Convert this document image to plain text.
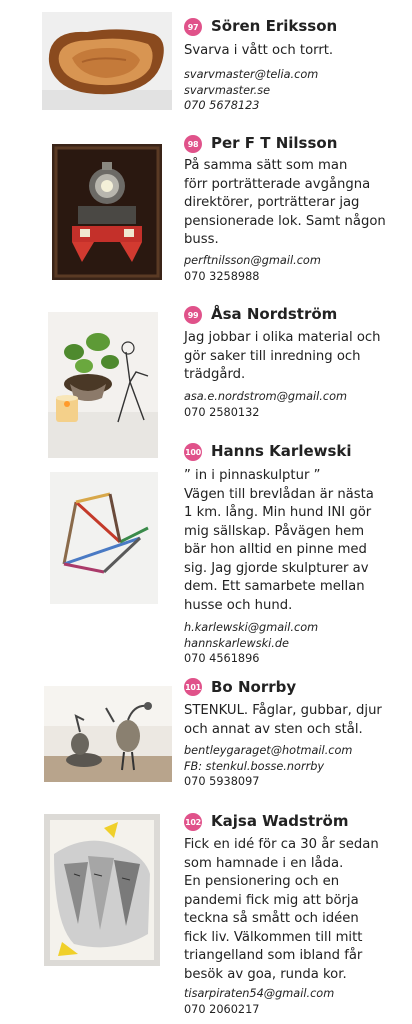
97 Sören Eriksson

Svarva i vått och torrt.

svarvmaster@telia.com
svarvmaster.se
070 5678123
98 Per F T Nilsson

På samma sätt som man
förr porträtterade avgångna
direktörer, porträtterar jag
pensionerade lok. Samt någon
buss.

perftnilsson@gmail.com
070 3258988
99 Åsa Nordström

Jag jobbar i olika material och
gör saker till inredning och
trädgård.

asa.e.nordstrom@gmail.com
070 2580132
100 Hanns Karlewski

” in i pinnaskulptur ”
Vägen till brevlådan är nästa
1 km. lång. Min hund INI gör
mig sällskap. Påvägen hem
bär hon alltid en pinne med
sig. Jag gjorde skulpturer av
dem. Ett samarbete mellan
husse och hund.

h.karlewski@gmail.com
hannskarlewski.de
070 4561896
101 Bo Norrby

STENKUL. Fåglar, gubbar, djur
och annat av sten och stål.

bentleygaraget@hotmail.com
FB: stenkul.bosse.norrby
070 5938097
102 Kajsa Wadström

Fick en idé för ca 30 år sedan
som hamnade i en låda.
En pensionering och en
pandemi fick mig att börja
teckna så smått och idéen
fick liv. Välkommen till mitt
triangelland som ibland får
besök av goa, runda kor.

tisarpiraten54@gmail.com
070 2060217
